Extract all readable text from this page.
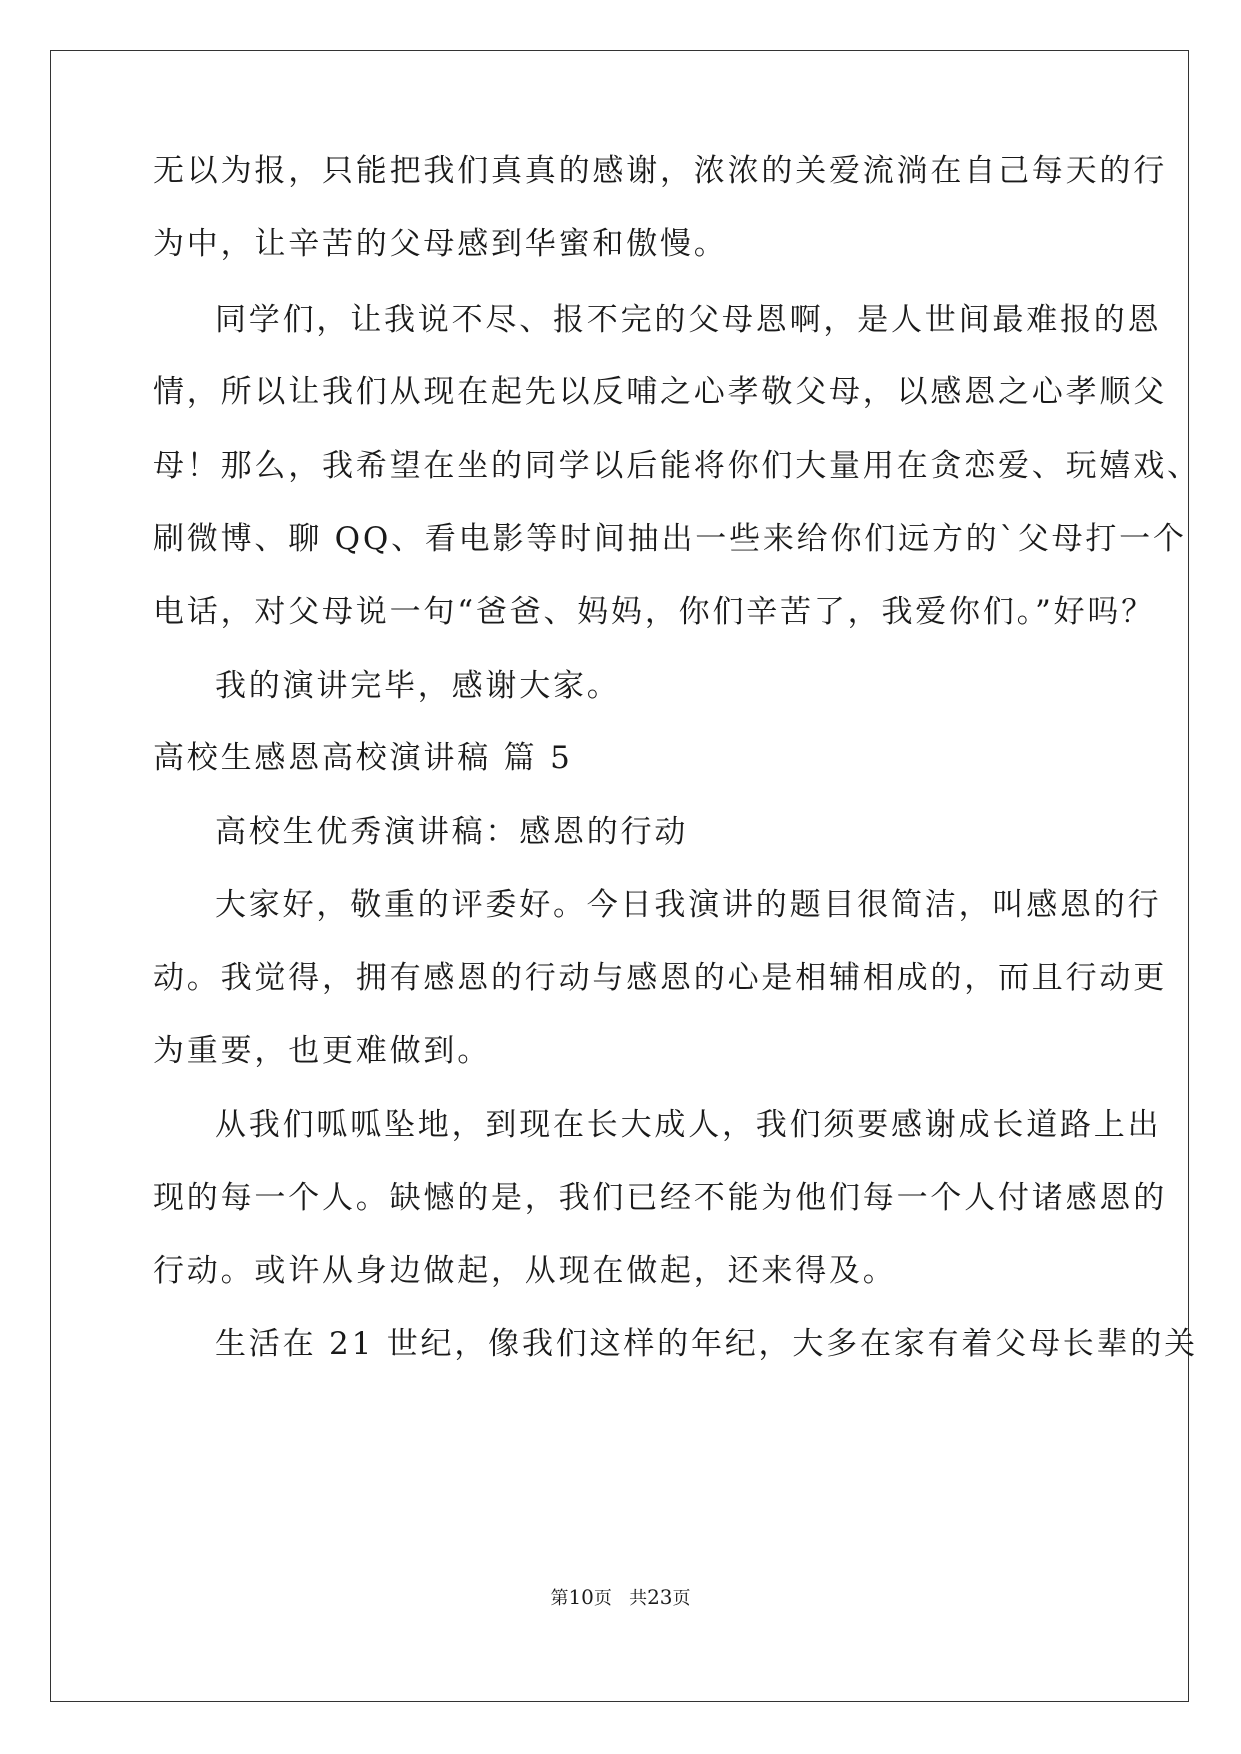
无以为报，只能把我们真真的感谢，浓浓的关爱流淌在自己每天的行
为中，让辛苦的父母感到华蜜和傲慢。
同学们，让我说不尽、报不完的父母恩啊，是人世间最难报的恩
情，所以让我们从现在起先以反哺之心孝敬父母，以感恩之心孝顺父
母！那么，我希望在坐的同学以后能将你们大量用在贪恋爱、玩嬉戏、
刷微博、聊 QQ、看电影等时间抽出一些来给你们远方的`父母打一个
电话，对父母说一句“爸爸、妈妈，你们辛苦了，我爱你们。”好吗？
我的演讲完毕，感谢大家。
高校生感恩高校演讲稿 篇 5
高校生优秀演讲稿：感恩的行动
大家好，敬重的评委好。今日我演讲的题目很简洁，叫感恩的行
动。我觉得，拥有感恩的行动与感恩的心是相辅相成的，而且行动更
为重要，也更难做到。
从我们呱呱坠地，到现在长大成人，我们须要感谢成长道路上出
现的每一个人。缺憾的是，我们已经不能为他们每一个人付诸感恩的
行动。或许从身边做起，从现在做起，还来得及。
生活在 21 世纪，像我们这样的年纪，大多在家有着父母长辈的关
第10页 共23页
